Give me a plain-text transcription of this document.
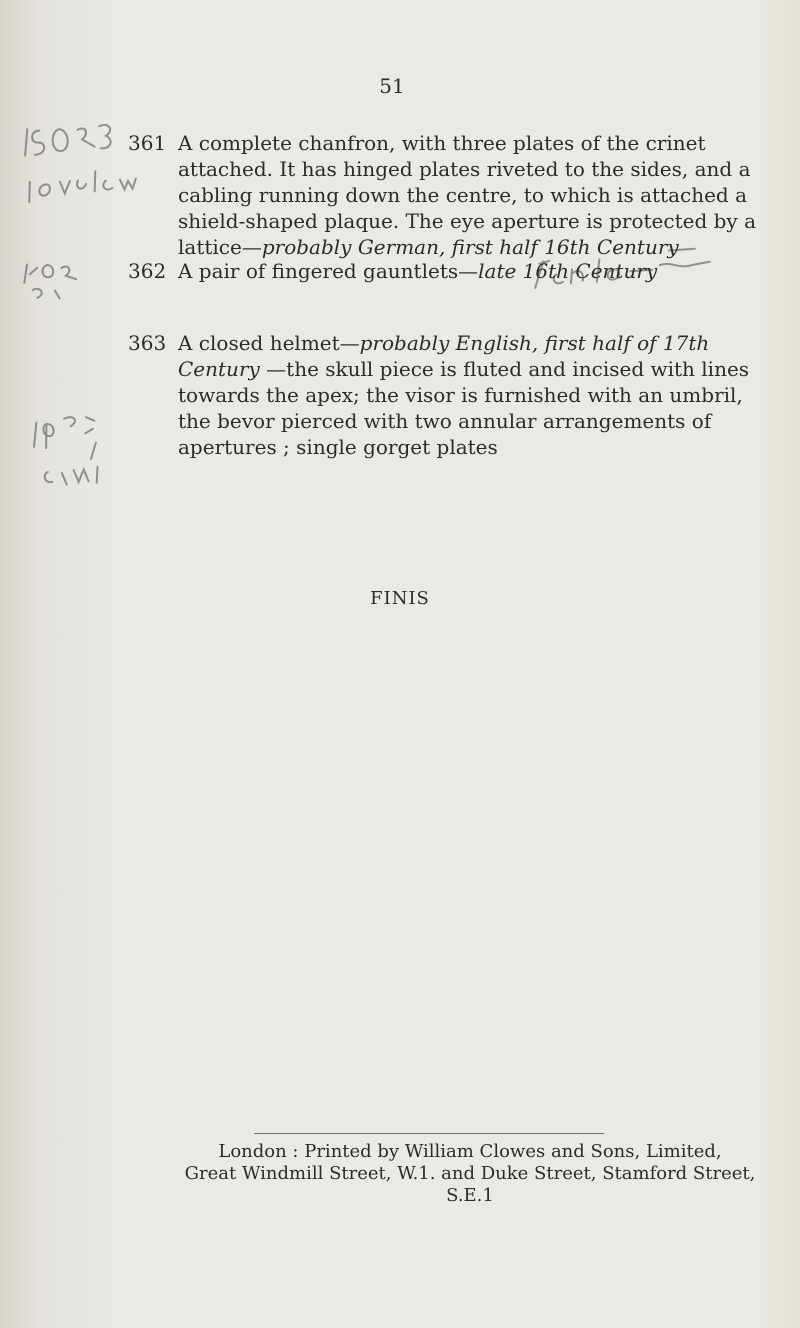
51
361 A complete chanfron, with three plates of the crinet attached. It has hinged plates riveted to the sides, and a cabling running down the centre, to which is attached a shield-shaped plaque. The eye aperture is protected by a lattice—probably German, first half 16th Century

362 A pair of fingered gauntlets—late 16th Century

363 A closed helmet—probably English, first half of 17th Century —the skull piece is fluted and incised with lines towards the apex; the visor is furnished with an umbril, the bevor pierced with two annular arrangements of apertures ; single gorget plates

FINIS
London : Printed by William Clowes and Sons, Limited,
Great Windmill Street, W.1. and Duke Street, Stamford Street, S.E.1
